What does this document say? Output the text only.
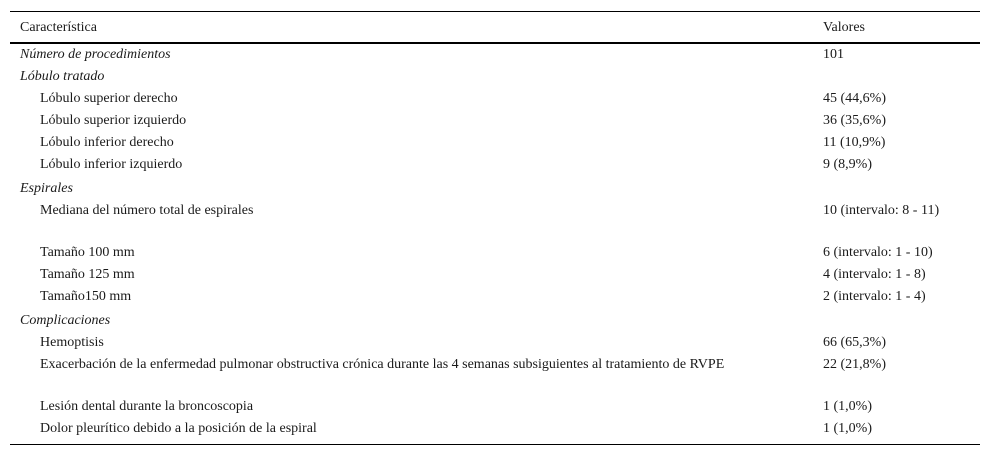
Característica	Valores
Número de procedimientos	101
Lóbulo tratado
Lóbulo superior derecho	45 (44,6%)
Lóbulo superior izquierdo	36 (35,6%)
Lóbulo inferior derecho	11 (10,9%)
Lóbulo inferior izquierdo	9 (8,9%)
Espirales
Mediana del número total de espirales	10 (intervalo: 8 - 11)
Tamaño 100 mm	6 (intervalo: 1 - 10)
Tamaño 125 mm	4 (intervalo: 1 - 8)
Tamaño150 mm	2 (intervalo: 1 - 4)
Complicaciones
Hemoptisis	66 (65,3%)
Exacerbación de la enfermedad pulmonar obstructiva crónica durante las 4 semanas subsiguientes al tratamiento de RVPE	22 (21,8%)
Lesión dental durante la broncoscopia	1 (1,0%)
Dolor pleurítico debido a la posición de la espiral	1 (1,0%)
